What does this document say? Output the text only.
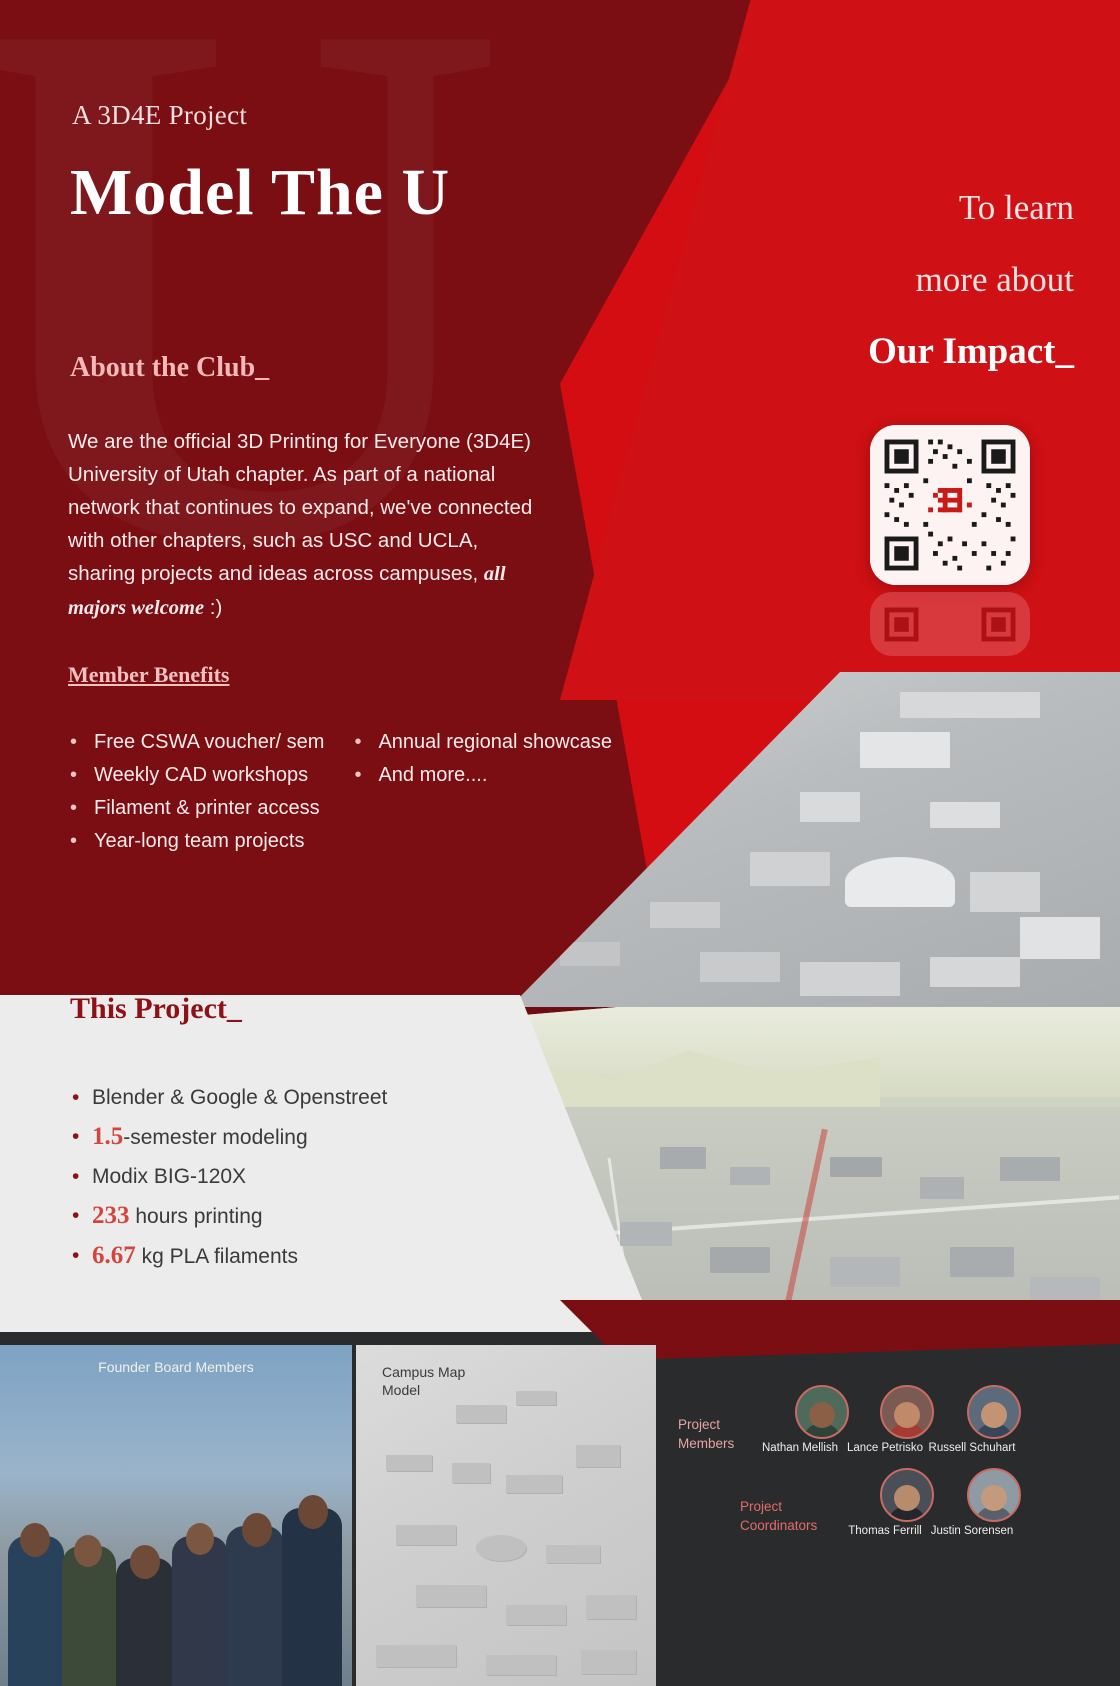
A 3D4E Project
Model The U
About the Club_
We are the official 3D Printing for Everyone (3D4E) University of Utah chapter. As part of a national network that continues to expand, we've connected with other chapters, such as USC and UCLA, sharing projects and ideas across campuses, all majors welcome :)
Member Benefits
• Free CSWA voucher/ sem
• Weekly CAD workshops
• Filament & printer access
• Year-long team projects
• Annual regional showcase
• And more....
To learn
more about
Our Impact_
This Project_
• Blender & Google & Openstreet
• 1.5-semester modeling
• Modix BIG-120X
• 233 hours printing
• 6.67 kg PLA filaments
Founder Board Members	Campus Map
Model
Project
Members
Project
Coordinators
Nathan Mellish Lance Petrisko Russell Schuhart
Thomas Ferrill Justin Sorensen
